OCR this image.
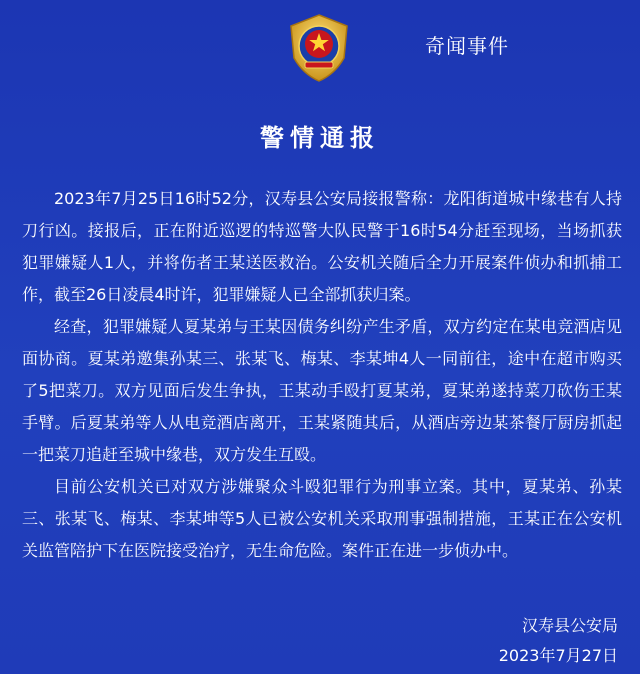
奇闻事件
警情通报

2023年7月25日16时52分，汉寿县公安局接报警称：龙阳街道城中缘巷有人持刀行凶。接报后，正在附近巡逻的特巡警大队民警于16时54分赶至现场，当场抓获犯罪嫌疑人1人，并将伤者王某送医救治。公安机关随后全力开展案件侦办和抓捕工作，截至26日凌晨4时许，犯罪嫌疑人已全部抓获归案。

经查，犯罪嫌疑人夏某弟与王某因债务纠纷产生矛盾，双方约定在某电竞酒店见面协商。夏某弟邀集孙某三、张某飞、梅某、李某坤4人一同前往，途中在超市购买了5把菜刀。双方见面后发生争执，王某动手殴打夏某弟，夏某弟遂持菜刀砍伤王某手臂。后夏某弟等人从电竞酒店离开，王某紧随其后，从酒店旁边某茶餐厅厨房抓起一把菜刀追赶至城中缘巷，双方发生互殴。

目前公安机关已对双方涉嫌聚众斗殴犯罪行为刑事立案。其中，夏某弟、孙某三、张某飞、梅某、李某坤等5人已被公安机关采取刑事强制措施，王某正在公安机关监管陪护下在医院接受治疗，无生命危险。案件正在进一步侦办中。

汉寿县公安局
2023年7月27日
